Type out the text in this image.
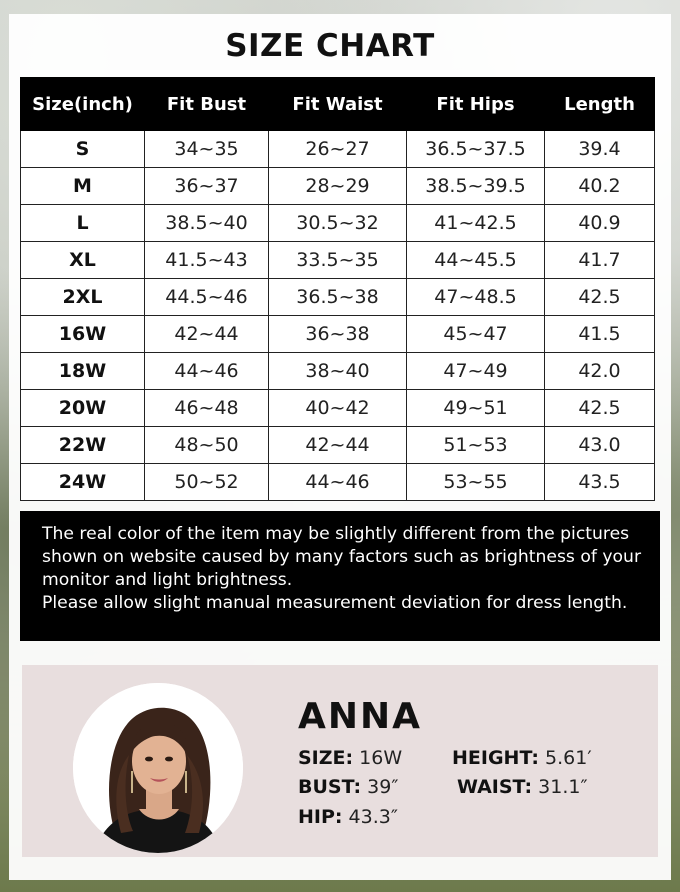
SIZE CHART
Size(inch)	Fit Bust	Fit Waist	Fit Hips	Length
S	34~35	26~27	36.5~37.5	39.4
M	36~37	28~29	38.5~39.5	40.2
L	38.5~40	30.5~32	41~42.5	40.9
XL	41.5~43	33.5~35	44~45.5	41.7
2XL	44.5~46	36.5~38	47~48.5	42.5
16W	42~44	36~38	45~47	41.5
18W	44~46	38~40	47~49	42.0
20W	46~48	40~42	49~51	42.5
22W	48~50	42~44	51~53	43.0
24W	50~52	44~46	53~55	43.5

The real color of the item may be slightly different from the pictures

shown on website caused by many factors such as brightness of your

monitor and light brightness.

Please allow slight manual measurement deviation for dress length.

ANNA
SIZE: 16W	HEIGHT: 5.61′
BUST: 39″	WAIST: 31.1″
HIP: 43.3″
